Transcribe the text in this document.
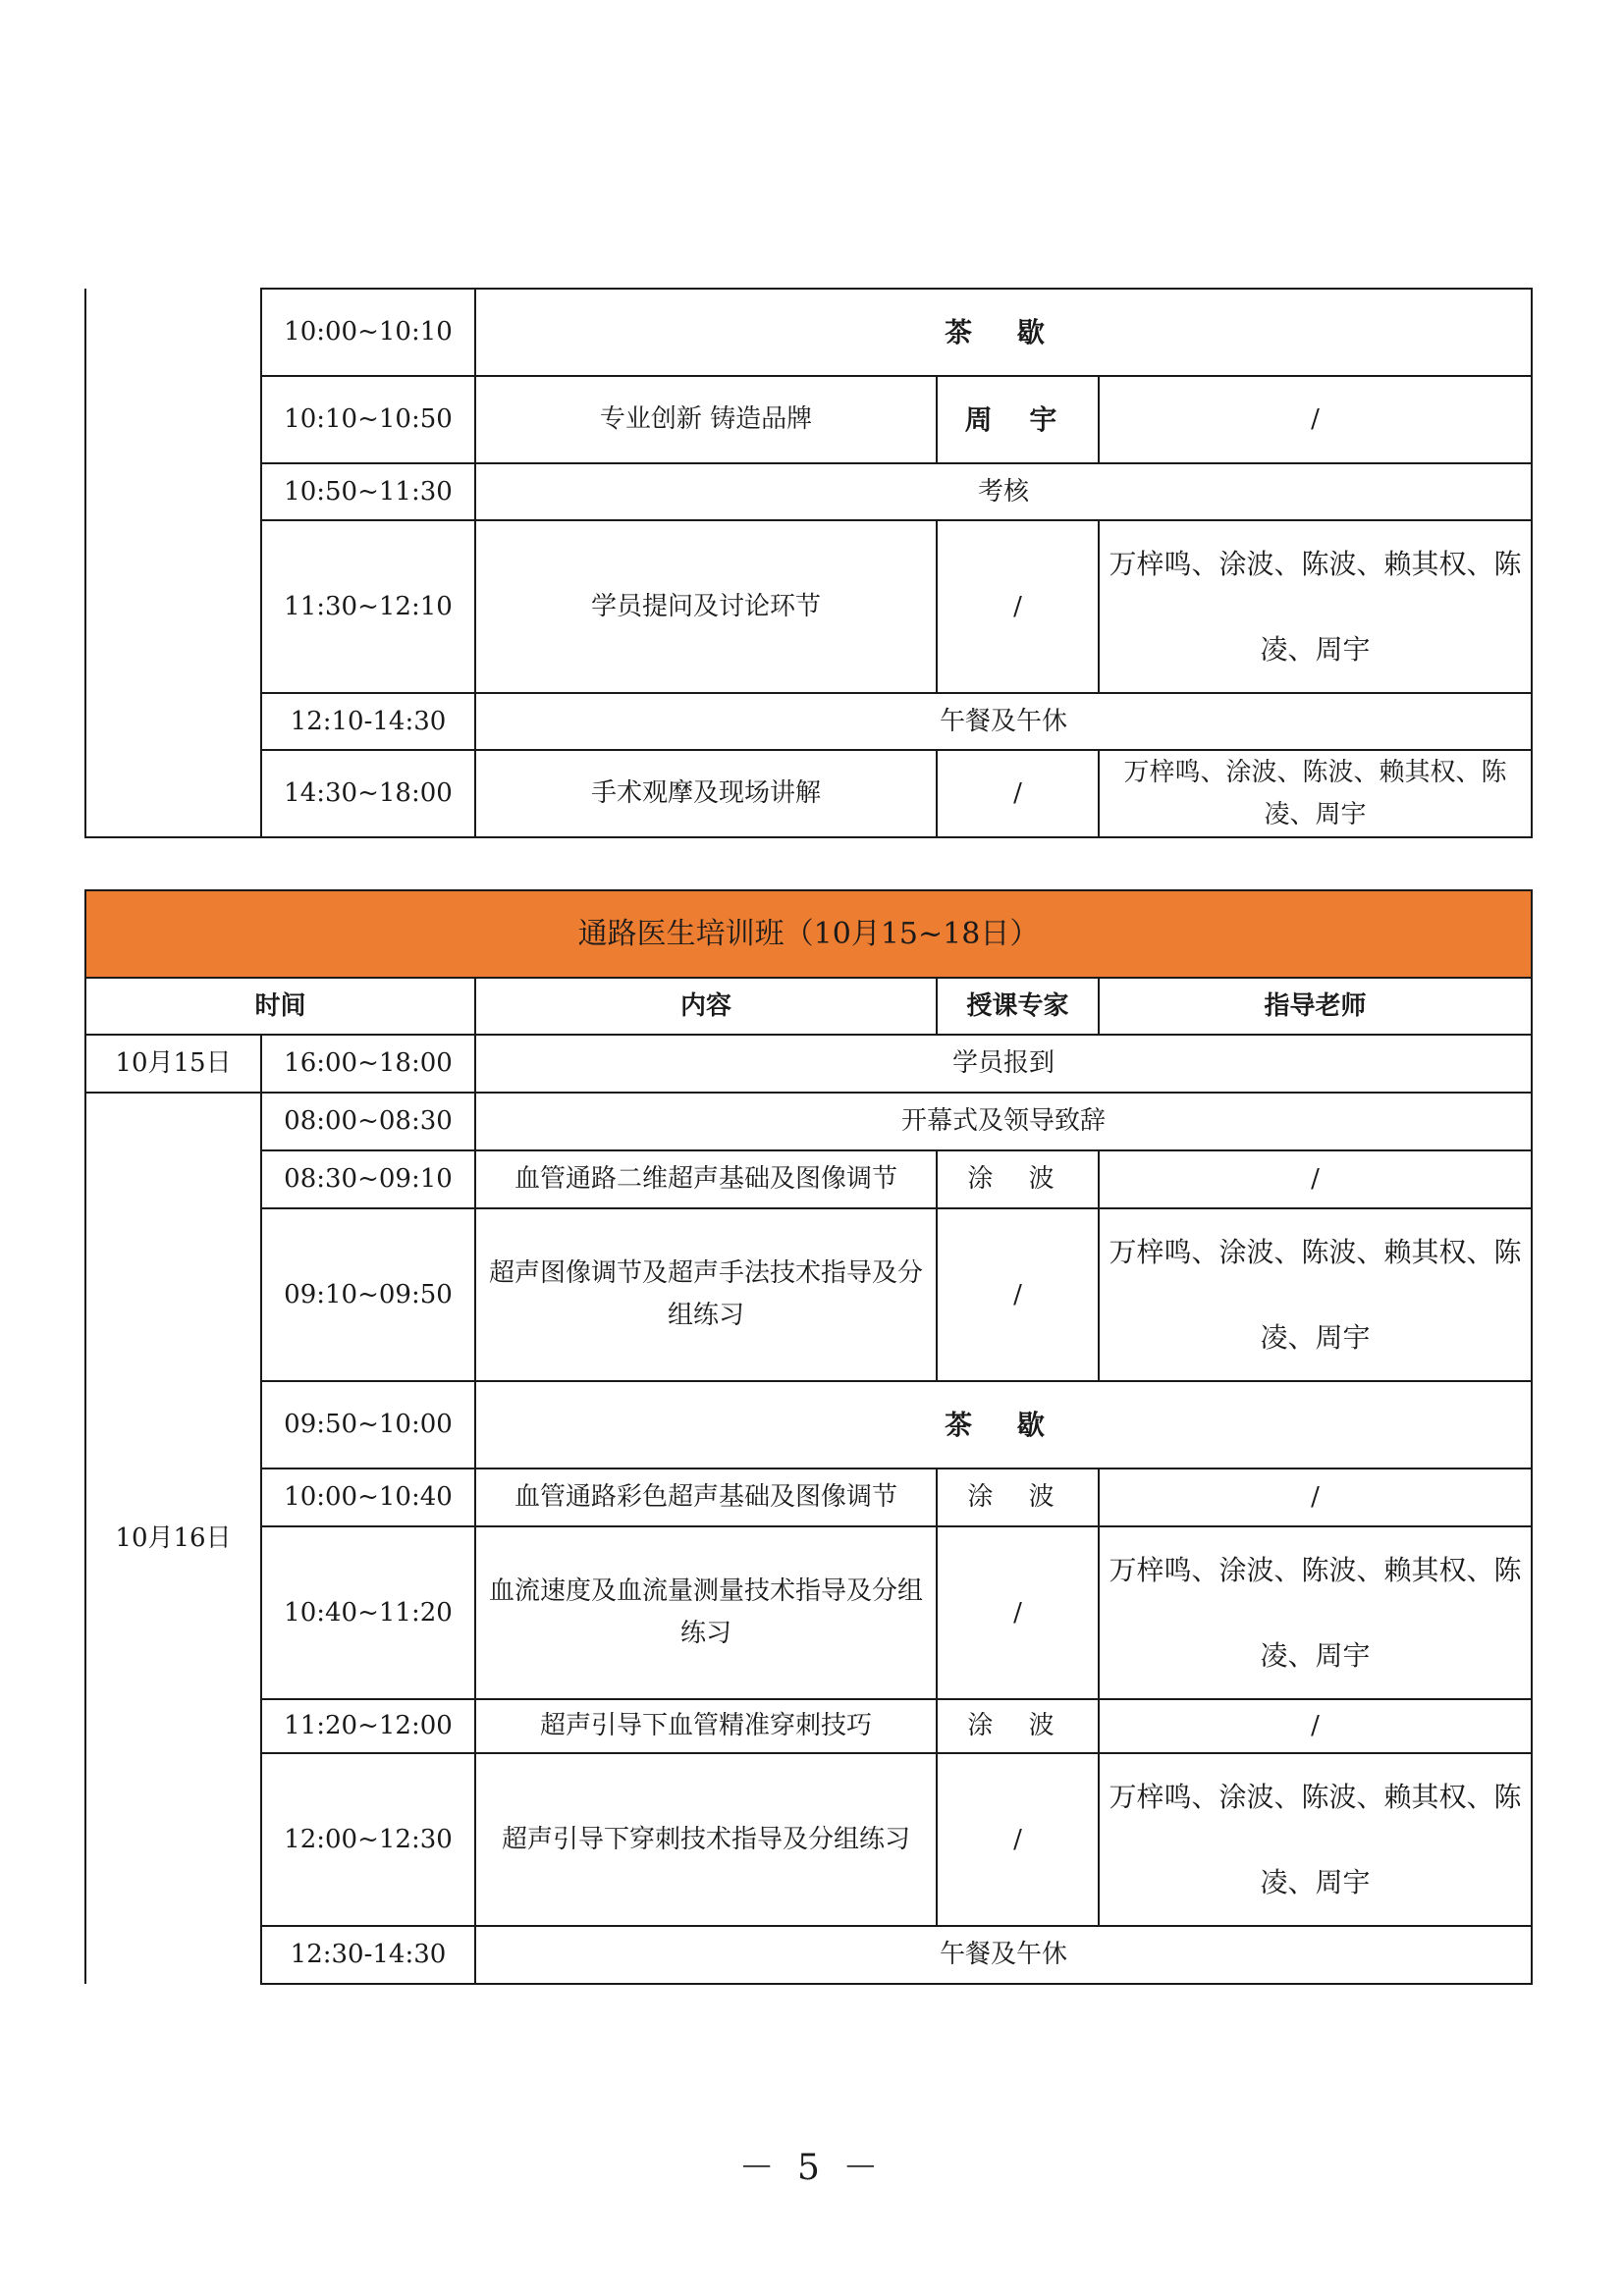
	10:00~10:10	茶 歇		
	10:10~10:50	专业创新 铸造品牌	周 宇	/
	10:50~11:30	考核		
	11:30~12:10	学员提问及讨论环节	/	万梓鸣、涂波、陈波、赖其权、陈凌、周宇
	12:10-14:30	午餐及午休		
	14:30~18:00	手术观摩及现场讲解	/	万梓鸣、涂波、陈波、赖其权、陈凌、周宇
通路医生培训班（10月15~18日）				
时间		内容	授课专家	指导老师
10月15日	16:00~18:00	学员报到		
10月16日	08:00~08:30	开幕式及领导致辞		
	08:30~09:10	血管通路二维超声基础及图像调节	涂 波	/
	09:10~09:50	超声图像调节及超声手法技术指导及分组练习	/	万梓鸣、涂波、陈波、赖其权、陈凌、周宇
	09:50~10:00	茶 歇		
	10:00~10:40	血管通路彩色超声基础及图像调节	涂 波	/
	10:40~11:20	血流速度及血流量测量技术指导及分组练习	/	万梓鸣、涂波、陈波、赖其权、陈凌、周宇
	11:20~12:00	超声引导下血管精准穿刺技巧	涂 波	/
	12:00~12:30	超声引导下穿刺技术指导及分组练习	/	万梓鸣、涂波、陈波、赖其权、陈凌、周宇
	12:30-14:30	午餐及午休		
－ 5 －
